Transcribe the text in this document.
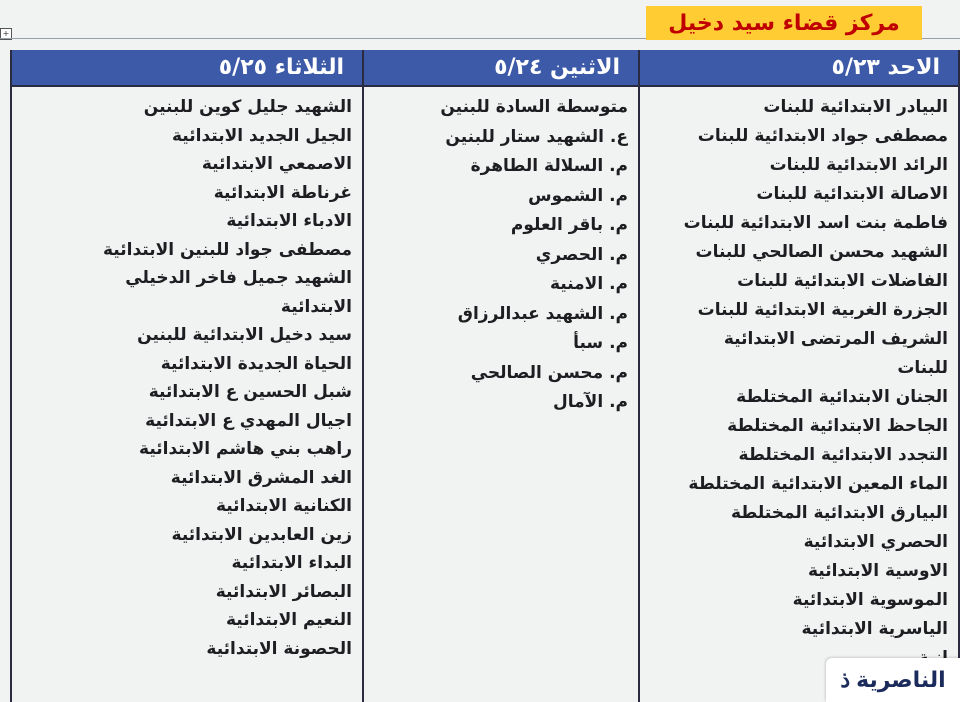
+	مركز قضاء سيد دخيل
الاحد ٥/٢٣
البيادر الابتدائية للبنات
مصطفى جواد الابتدائية للبنات
الرائد الابتدائية للبنات
الاصالة الابتدائية للبنات
فاطمة بنت اسد الابتدائية للبنات
الشهيد محسن الصالحي للبنات
الفاضلات الابتدائية للبنات
الجزرة الغربية الابتدائية للبنات
الشريف المرتضى الابتدائية
للبنات
الجنان الابتدائية المختلطة
الجاحظ الابتدائية المختلطة
التجدد الابتدائية المختلطة
الماء المعين الابتدائية المختلطة
البيارق الابتدائية المختلطة
الحصري الابتدائية
الاوسية الابتدائية
الموسوية الابتدائية
الياسرية الابتدائية
الاثنين ٥/٢٤
متوسطة السادة للبنين
ع. الشهيد ستار للبنين
م. السلالة الطاهرة
م. الشموس
م. باقر العلوم
م. الحصري
م. الامنية
م. الشهيد عبدالرزاق
م. سبأ
م. محسن الصالحي
م. الآمال
الثلاثاء ٥/٢٥
الشهيد جليل كوين للبنين
الجيل الجديد الابتدائية
الاصمعي الابتدائية
غرناطة الابتدائية
الادباء الابتدائية
مصطفى جواد للبنين الابتدائية
الشهيد جميل فاخر الدخيلي
الابتدائية
سيد دخيل الابتدائية للبنين
الحياة الجديدة الابتدائية
شبل الحسين ع الابتدائية
اجيال المهدي ع الابتدائية
راهب بني هاشم الابتدائية
الغد المشرق الابتدائية
الكنانية الابتدائية
زين العابدين الابتدائية
البداء الابتدائية
البصائر الابتدائية
النعيم الابتدائية
الحصونة الابتدائية
الناصرية
ذ
